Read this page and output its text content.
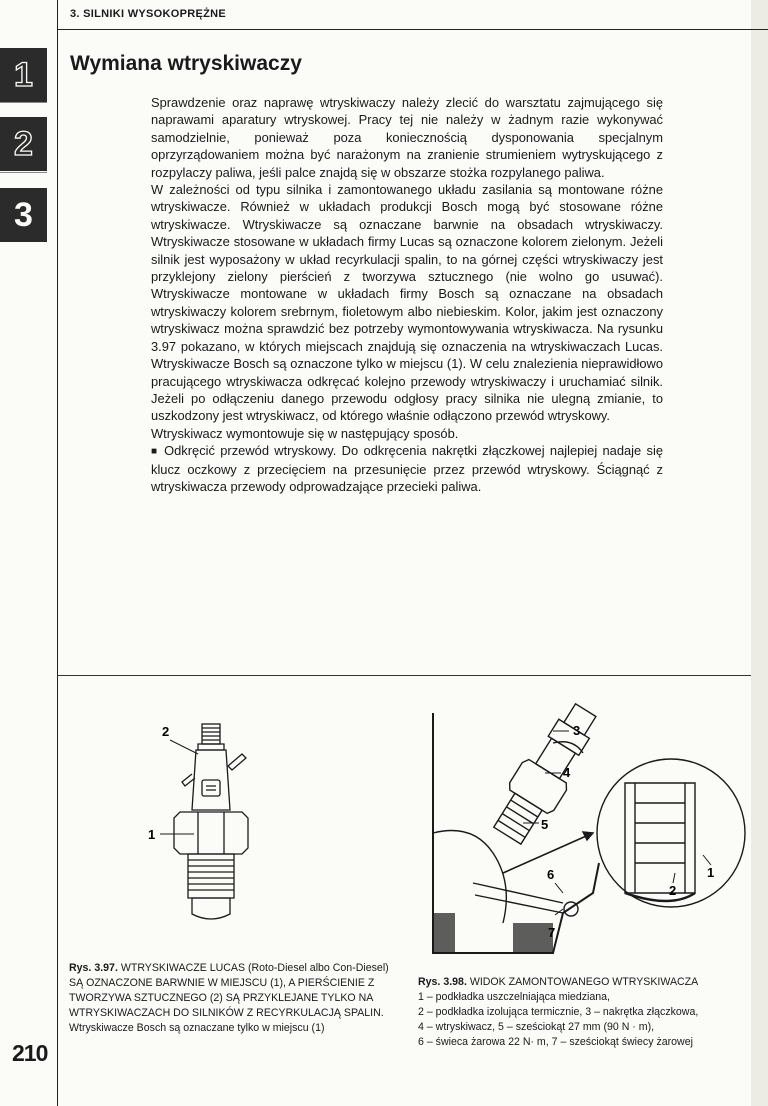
3. SILNIKI WYSOKOPRĘŻNE
1
2
3
Wymiana wtryskiwaczy

Sprawdzenie oraz naprawę wtryskiwaczy należy zlecić do warsztatu zajmującego się naprawami aparatury wtryskowej. Pracy tej nie należy w żadnym razie wykonywać samodzielnie, ponieważ poza koniecznością dysponowania specjalnym oprzyrządowaniem można być narażonym na zranienie strumieniem wytryskującego z rozpylaczy paliwa, jeśli palce znajdą się w obszarze stożka rozpylanego paliwa.

W zależności od typu silnika i zamontowanego układu zasilania są montowane różne wtryskiwacze. Również w układach produkcji Bosch mogą być stosowane różne wtryskiwacze. Wtryskiwacze są oznaczane barwnie na obsadach wtryskiwaczy. Wtryskiwacze stosowane w układach firmy Lucas są oznaczone kolorem zielonym. Jeżeli silnik jest wyposażony w układ recyrkulacji spalin, to na górnej części wtryskiwaczy jest przyklejony zielony pierścień z tworzywa sztucznego (nie wolno go usuwać). Wtryskiwacze montowane w układach firmy Bosch są oznaczane na obsadach wtryskiwaczy kolorem srebrnym, fioletowym albo niebieskim. Kolor, jakim jest oznaczony wtryskiwacz można sprawdzić bez potrzeby wymontowywania wtryskiwacza. Na rysunku 3.97 pokazano, w których miejscach znajdują się oznaczenia na wtryskiwaczach Lucas. Wtryskiwacze Bosch są oznaczone tylko w miejscu (1). W celu znalezienia nieprawidłowo pracującego wtryskiwacza odkręcać kolejno przewody wtryskiwaczy i uruchamiać silnik. Jeżeli po odłączeniu danego przewodu odgłosy pracy silnika nie ulegną zmianie, to uszkodzony jest wtryskiwacz, od którego właśnie odłączono przewód wtryskowy.

Wtryskiwacz wymontowuje się w następujący sposób.

■ Odkręcić przewód wtryskowy. Do odkręcenia nakrętki złączkowej najlepiej nadaje się klucz oczkowy z przecięciem na przesunięcie przez przewód wtryskowy. Ściągnąć z wtryskiwacza przewody odprowadzające przecieki paliwa.

2
1
Rys. 3.97. WTRYSKIWACZE LUCAS (Roto-Diesel albo Con-Diesel) SĄ OZNACZONE BARWNIE W MIEJSCU (1), A PIERŚCIENIE Z TWORZYWA SZTUCZNEGO (2) SĄ PRZYKLEJANE TYLKO NA WTRYSKIWACZACH DO SILNIKÓW Z RECYRKULACJĄ SPALIN. Wtryskiwacze Bosch są oznaczane tylko w miejscu (1)
3
4
5
6
7
2
1
Rys. 3.98. WIDOK ZAMONTOWANEGO WTRYSKIWACZA
1 – podkładka uszczelniająca miedziana,
2 – podkładka izolująca termicznie, 3 – nakrętka złączkowa,
4 – wtryskiwacz, 5 – sześciokąt 27 mm (90 N · m),
6 – świeca żarowa 22 N· m, 7 – sześciokąt świecy żarowej
210
